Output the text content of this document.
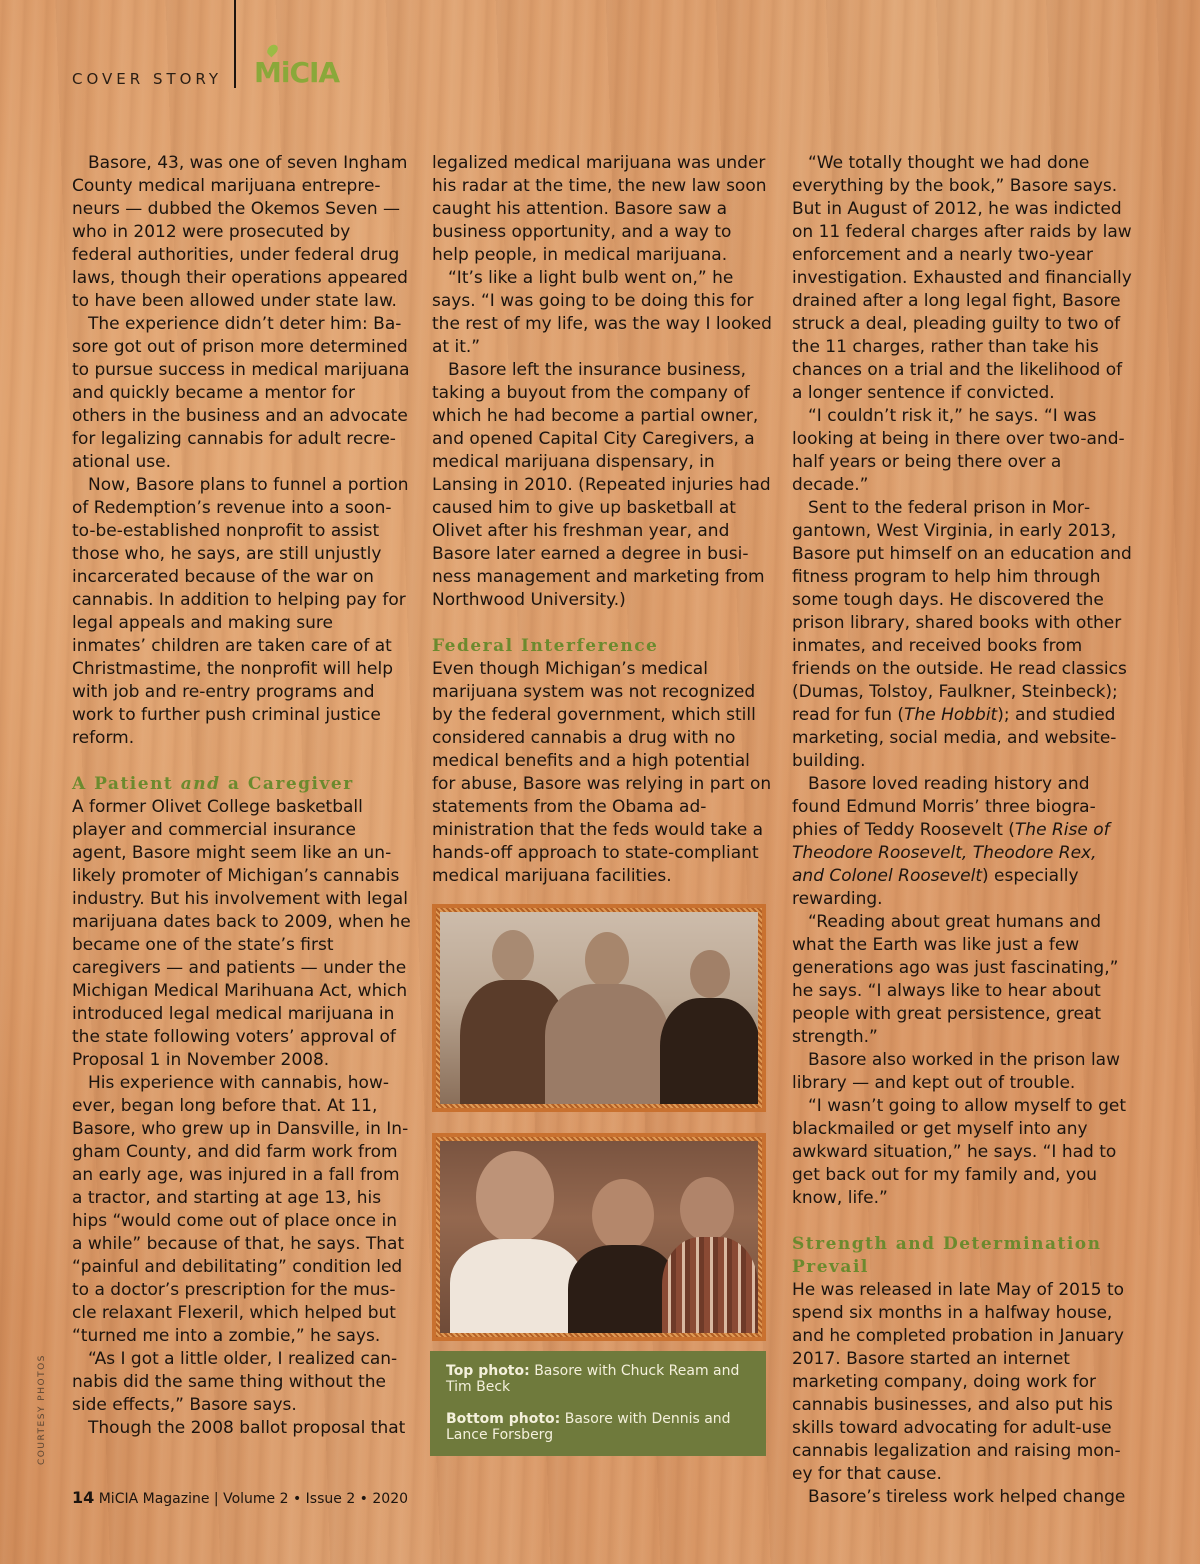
COVER STORY MiCIA

Basore, 43, was one of seven Ingham County medical marijuana entrepreneurs — dubbed the Okemos Seven — who in 2012 were prosecuted by federal authorities, under federal drug laws, though their operations appeared to have been allowed under state law.

The experience didn’t deter him: Basore got out of prison more determined to pursue success in medical marijuana and quickly became a mentor for others in the business and an advocate for legalizing cannabis for adult recreational use.

Now, Basore plans to funnel a portion of Redemption’s revenue into a soon-to-be-established nonprofit to assist those who, he says, are still unjustly incarcerated because of the war on cannabis. In addition to helping pay for legal appeals and making sure inmates’ children are taken care of at Christmastime, the nonprofit will help with job and re-entry programs and work to further push criminal justice reform.

A Patient and a Caregiver

A former Olivet College basketball player and commercial insurance agent, Basore might seem like an unlikely promoter of Michigan’s cannabis industry. But his involvement with legal marijuana dates back to 2009, when he became one of the state’s first caregivers — and patients — under the Michigan Medical Marihuana Act, which introduced legal medical marijuana in the state following voters’ approval of Proposal 1 in November 2008.

His experience with cannabis, however, began long before that. At 11, Basore, who grew up in Dansville, in Ingham County, and did farm work from an early age, was injured in a fall from a tractor, and starting at age 13, his hips “would come out of place once in a while” because of that, he says. That “painful and debilitating” condition led to a doctor’s prescription for the muscle relaxant Flexeril, which helped but “turned me into a zombie,” he says.

“As I got a little older, I realized cannabis did the same thing without the side effects,” Basore says.

Though the 2008 ballot proposal that

legalized medical marijuana was under his radar at the time, the new law soon caught his attention. Basore saw a business opportunity, and a way to help people, in medical marijuana.

“It’s like a light bulb went on,” he says. “I was going to be doing this for the rest of my life, was the way I looked at it.”

Basore left the insurance business, taking a buyout from the company of which he had become a partial owner, and opened Capital City Caregivers, a medical marijuana dispensary, in Lansing in 2010. (Repeated injuries had caused him to give up basketball at Olivet after his freshman year, and Basore later earned a degree in business management and marketing from Northwood University.)

Federal Interference

Even though Michigan’s medical marijuana system was not recognized by the federal government, which still considered cannabis a drug with no medical benefits and a high potential for abuse, Basore was relying in part on statements from the Obama administration that the feds would take a hands-off approach to state-compliant medical marijuana facilities.

Top photo: Basore with Chuck Ream and Tim Beck
Bottom photo: Basore with Dennis and Lance Forsberg

“We totally thought we had done everything by the book,” Basore says. But in August of 2012, he was indicted on 11 federal charges after raids by law enforcement and a nearly two-year investigation. Exhausted and financially drained after a long legal fight, Basore struck a deal, pleading guilty to two of the 11 charges, rather than take his chances on a trial and the likelihood of a longer sentence if convicted.

“I couldn’t risk it,” he says. “I was looking at being in there over two-and-half years or being there over a decade.”

Sent to the federal prison in Morgantown, West Virginia, in early 2013, Basore put himself on an education and fitness program to help him through some tough days. He discovered the prison library, shared books with other inmates, and received books from friends on the outside. He read classics (Dumas, Tolstoy, Faulkner, Steinbeck); read for fun (The Hobbit); and studied marketing, social media, and website-building.

Basore loved reading history and found Edmund Morris’ three biographies of Teddy Roosevelt (The Rise of Theodore Roosevelt, Theodore Rex, and Colonel Roosevelt) especially rewarding.

“Reading about great humans and what the Earth was like just a few generations ago was just fascinating,” he says. “I always like to hear about people with great persistence, great strength.”

Basore also worked in the prison law library — and kept out of trouble.

“I wasn’t going to allow myself to get blackmailed or get myself into any awkward situation,” he says. “I had to get back out for my family and, you know, life.”

Strength and Determination Prevail

He was released in late May of 2015 to spend six months in a halfway house, and he completed probation in January 2017. Basore started an internet marketing company, doing work for cannabis businesses, and also put his skills toward advocating for adult-use cannabis legalization and raising money for that cause.

Basore’s tireless work helped change

COURTESY PHOTOS
14 MiCIA Magazine | Volume 2 • Issue 2 • 2020
